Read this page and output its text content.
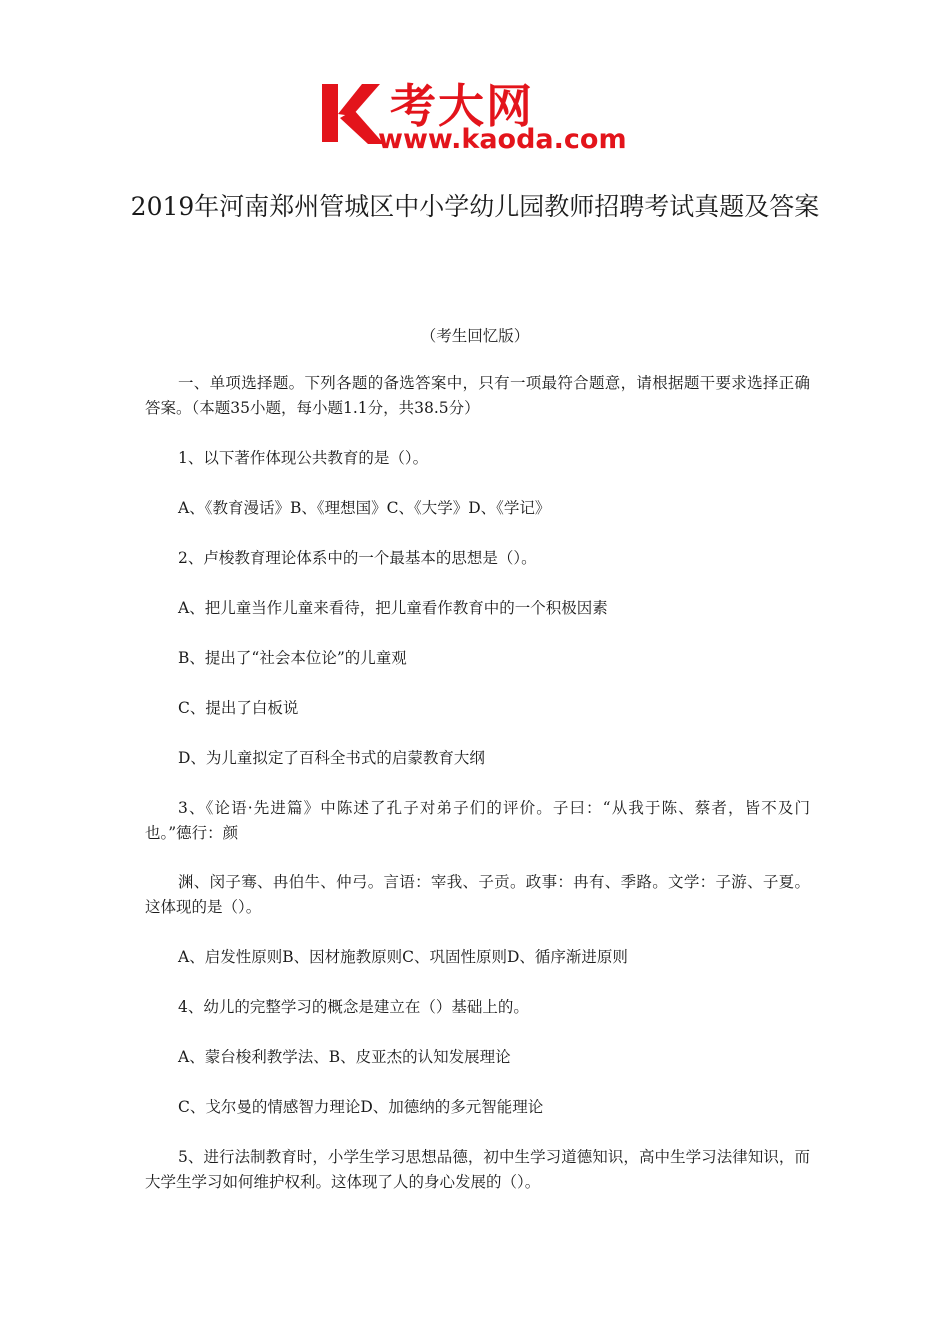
考大网
www.kaoda.com
2019年河南郑州管城区中小学幼儿园教师招聘考试真题及答案
（考生回忆版）

一、单项选择题。下列各题的备选答案中，只有一项最符合题意，请根据题干要求选择正确答案。（本题35小题，每小题1.1分，共38.5分）

1、以下著作体现公共教育的是（）。

A、《教育漫话》B、《理想国》C、《大学》D、《学记》

2、卢梭教育理论体系中的一个最基本的思想是（）。

A、把儿童当作儿童来看待，把儿童看作教育中的一个积极因素

B、提出了“社会本位论”的儿童观

C、提出了白板说

D、为儿童拟定了百科全书式的启蒙教育大纲

3、《论语·先进篇》中陈述了孔子对弟子们的评价。子曰：“从我于陈、蔡者，皆不及门也。”德行：颜

渊、闵子骞、冉伯牛、仲弓。言语：宰我、子贡。政事：冉有、季路。文学：子游、子夏。这体现的是（）。

A、启发性原则B、因材施教原则C、巩固性原则D、循序渐进原则

4、幼儿的完整学习的概念是建立在（）基础上的。

A、蒙台梭利教学法、B、皮亚杰的认知发展理论

C、戈尔曼的情感智力理论D、加德纳的多元智能理论

5、进行法制教育时，小学生学习思想品德，初中生学习道德知识，高中生学习法律知识，而大学生学习如何维护权利。这体现了人的身心发展的（）。
